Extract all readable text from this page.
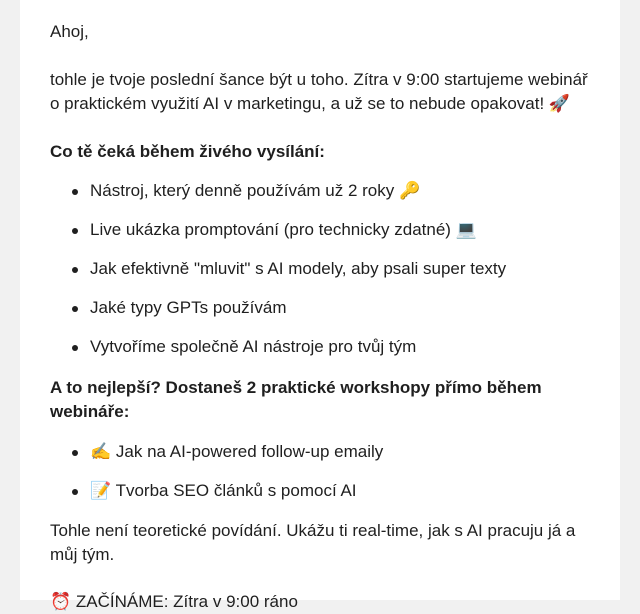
Ahoj,

tohle je tvoje poslední šance být u toho. Zítra v 9:00 startujeme webinář o praktickém využití AI v marketingu, a už se to nebude opakovat! 🚀

Co tě čeká během živého vysílání:

Nástroj, který denně používám už 2 roky 🔑
Live ukázka promptování (pro technicky zdatné) 💻
Jak efektivně "mluvit" s AI modely, aby psali super texty
Jaké typy GPTs používám
Vytvoříme společně AI nástroje pro tvůj tým

A to nejlepší? Dostaneš 2 praktické workshopy přímo během webináře:

✍️ Jak na AI-powered follow-up emaily
📝 Tvorba SEO článků s pomocí AI

Tohle není teoretické povídání. Ukážu ti real-time, jak s AI pracuju já a můj tým.

⏰ ZAČÍNÁME: Zítra v 9:00 ráno
